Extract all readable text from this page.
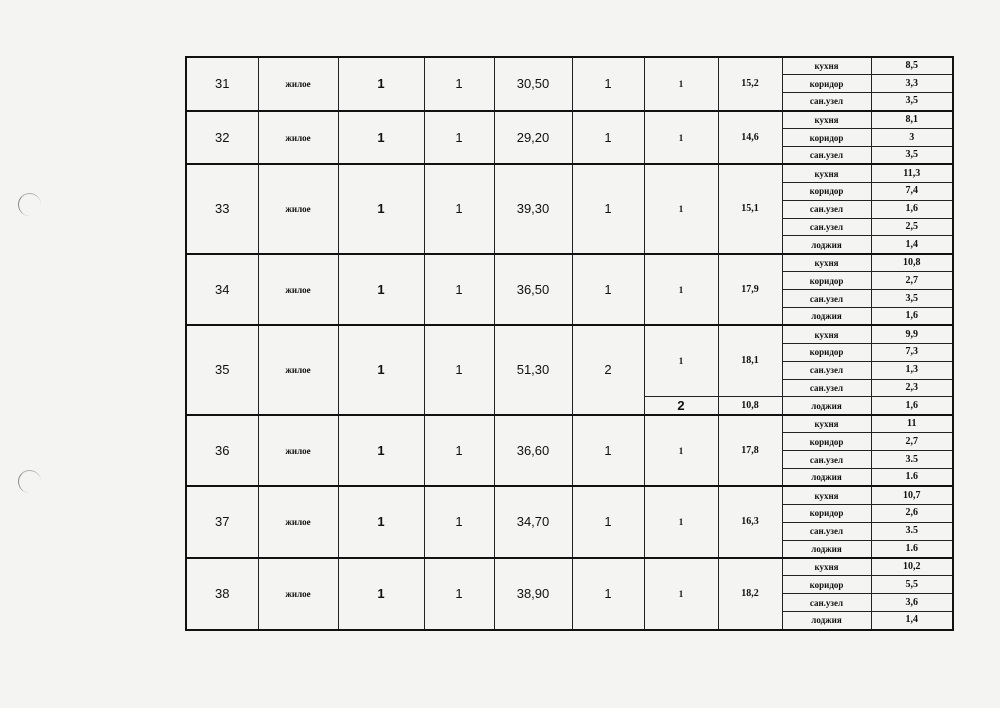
31	жилое	1	1	30,50	1	1	15,2	кухня	8,5
								коридор	3,3
								сан.узел	3,5
32	жилое	1	1	29,20	1	1	14,6	кухня	8,1
								коридор	3
								сан.узел	3,5
33	жилое	1	1	39,30	1	1	15,1	кухня	11,3
								коридор	7,4
								сан.узел	1,6
								сан.узел	2,5
								лоджия	1,4
34	жилое	1	1	36,50	1	1	17,9	кухня	10,8
								коридор	2,7
								сан.узел	3,5
								лоджия	1,6
35	жилое	1	1	51,30	2	1	18,1	кухня	9,9
								коридор	7,3
								сан.узел	1,3
								сан.узел	2,3
						2	10,8	лоджия	1,6
36	жилое	1	1	36,60	1	1	17,8	кухня	11
								коридор	2,7
								сан.узел	3.5
								лоджия	1.6
37	жилое	1	1	34,70	1	1	16,3	кухня	10,7
								коридор	2,6
								сан.узел	3.5
								лоджия	1.6
38	жилое	1	1	38,90	1	1	18,2	кухня	10,2
								коридор	5,5
								сан.узел	3,6
								лоджия	1,4
